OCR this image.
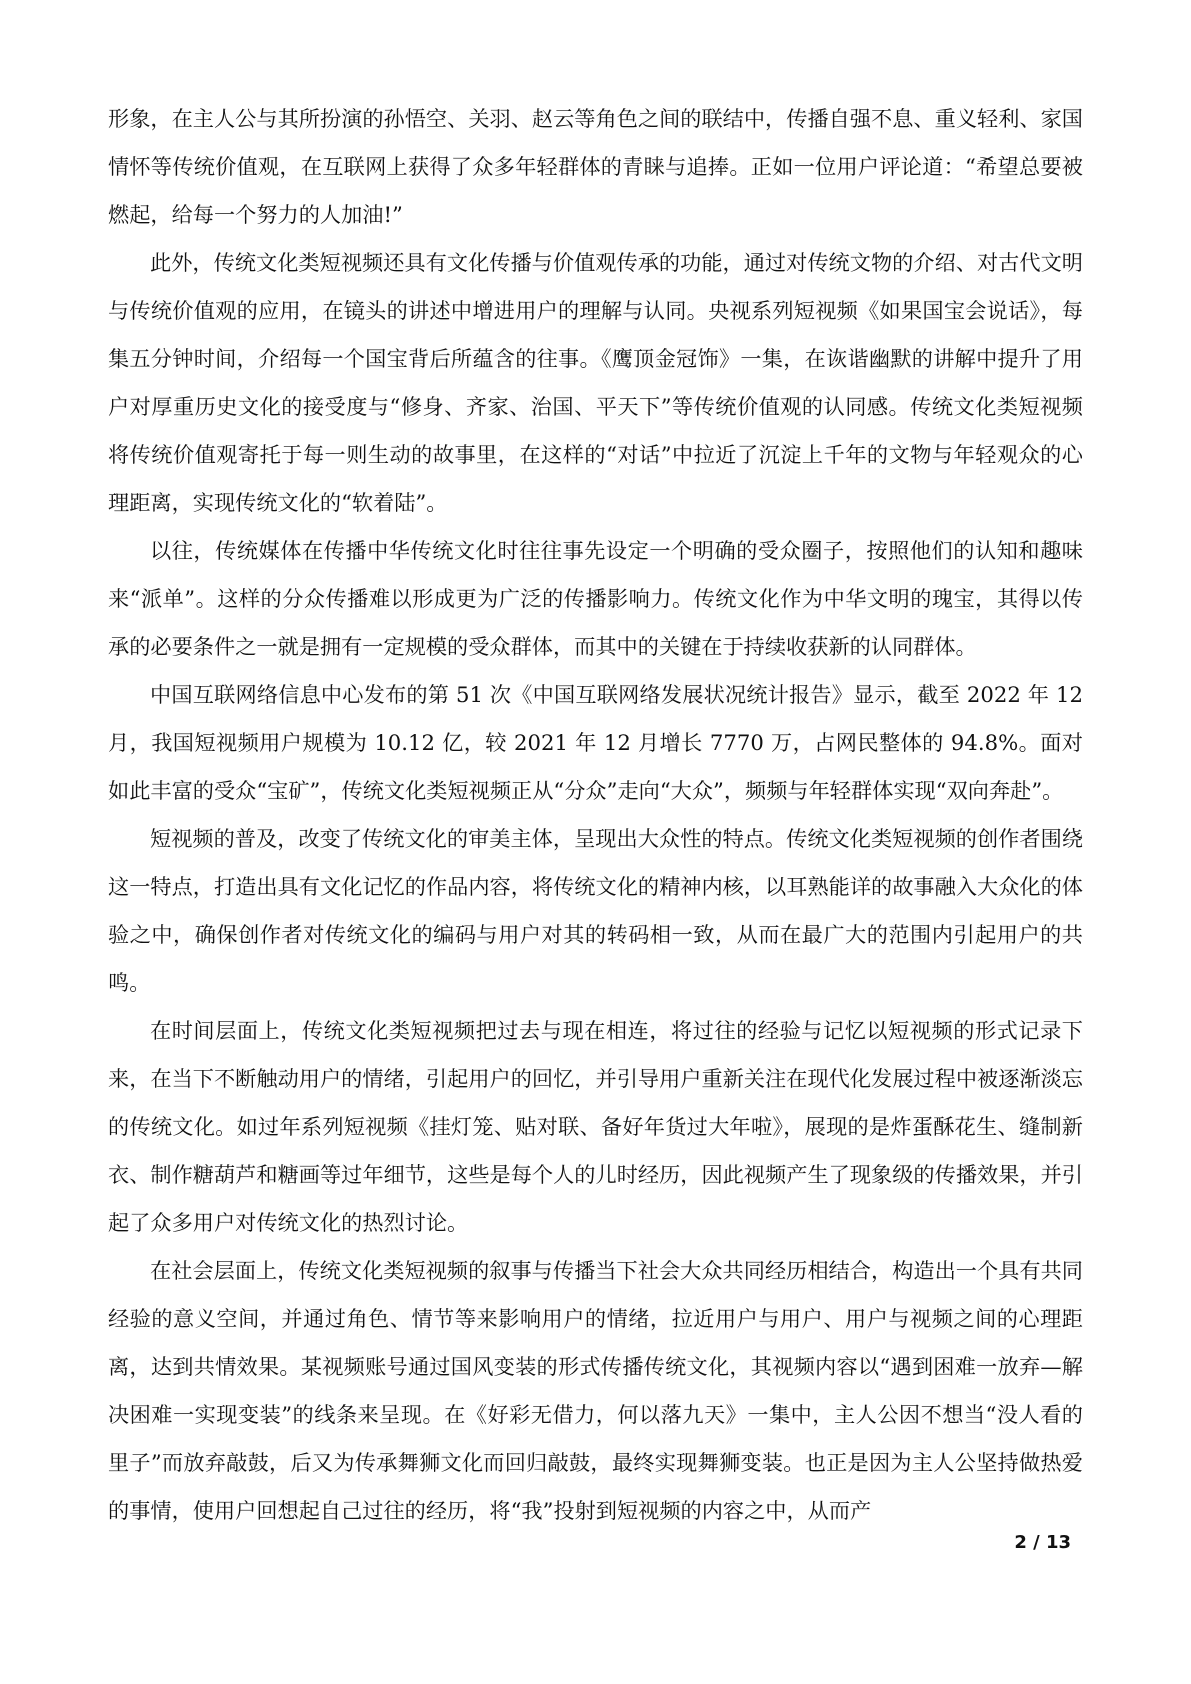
形象，在主人公与其所扮演的孙悟空、关羽、赵云等角色之间的联结中，传播自强不息、重义轻利、家国情怀等传统价值观，在互联网上获得了众多年轻群体的青睐与追捧。正如一位用户评论道：“希望总要被燃起，给每一个努力的人加油!”

此外，传统文化类短视频还具有文化传播与价值观传承的功能，通过对传统文物的介绍、对古代文明与传统价值观的应用，在镜头的讲述中增进用户的理解与认同。央视系列短视频《如果国宝会说话》，每集五分钟时间，介绍每一个国宝背后所蕴含的往事。《鹰顶金冠饰》一集，在诙谐幽默的讲解中提升了用户对厚重历史文化的接受度与“修身、齐家、治国、平天下”等传统价值观的认同感。传统文化类短视频将传统价值观寄托于每一则生动的故事里，在这样的“对话”中拉近了沉淀上千年的文物与年轻观众的心理距离，实现传统文化的“软着陆”。

以往，传统媒体在传播中华传统文化时往往事先设定一个明确的受众圈子，按照他们的认知和趣味来“派单”。这样的分众传播难以形成更为广泛的传播影响力。传统文化作为中华文明的瑰宝，其得以传承的必要条件之一就是拥有一定规模的受众群体，而其中的关键在于持续收获新的认同群体。

中国互联网络信息中心发布的第 51 次《中国互联网络发展状况统计报告》显示，截至 2022 年 12 月，我国短视频用户规模为 10.12 亿，较 2021 年 12 月增长 7770 万，占网民整体的 94.8%。面对如此丰富的受众“宝矿”，传统文化类短视频正从“分众”走向“大众”，频频与年轻群体实现“双向奔赴”。

短视频的普及，改变了传统文化的审美主体，呈现出大众性的特点。传统文化类短视频的创作者围绕这一特点，打造出具有文化记忆的作品内容，将传统文化的精神内核，以耳熟能详的故事融入大众化的体验之中，确保创作者对传统文化的编码与用户对其的转码相一致，从而在最广大的范围内引起用户的共鸣。

在时间层面上，传统文化类短视频把过去与现在相连，将过往的经验与记忆以短视频的形式记录下来，在当下不断触动用户的情绪，引起用户的回忆，并引导用户重新关注在现代化发展过程中被逐渐淡忘的传统文化。如过年系列短视频《挂灯笼、贴对联、备好年货过大年啦》，展现的是炸蛋酥花生、缝制新衣、制作糖葫芦和糖画等过年细节，这些是每个人的儿时经历，因此视频产生了现象级的传播效果，并引起了众多用户对传统文化的热烈讨论。

在社会层面上，传统文化类短视频的叙事与传播当下社会大众共同经历相结合，构造出一个具有共同经验的意义空间，并通过角色、情节等来影响用户的情绪，拉近用户与用户、用户与视频之间的心理距离，达到共情效果。某视频账号通过国风变装的形式传播传统文化，其视频内容以“遇到困难一放弃—解决困难一实现变装”的线条来呈现。在《好彩无借力，何以落九天》一集中，主人公因不想当“没人看的里子”而放弃敲鼓，后又为传承舞狮文化而回归敲鼓，最终实现舞狮变装。也正是因为主人公坚持做热爱的事情，使用户回想起自己过往的经历，将“我”投射到短视频的内容之中，从而产

2 / 13
